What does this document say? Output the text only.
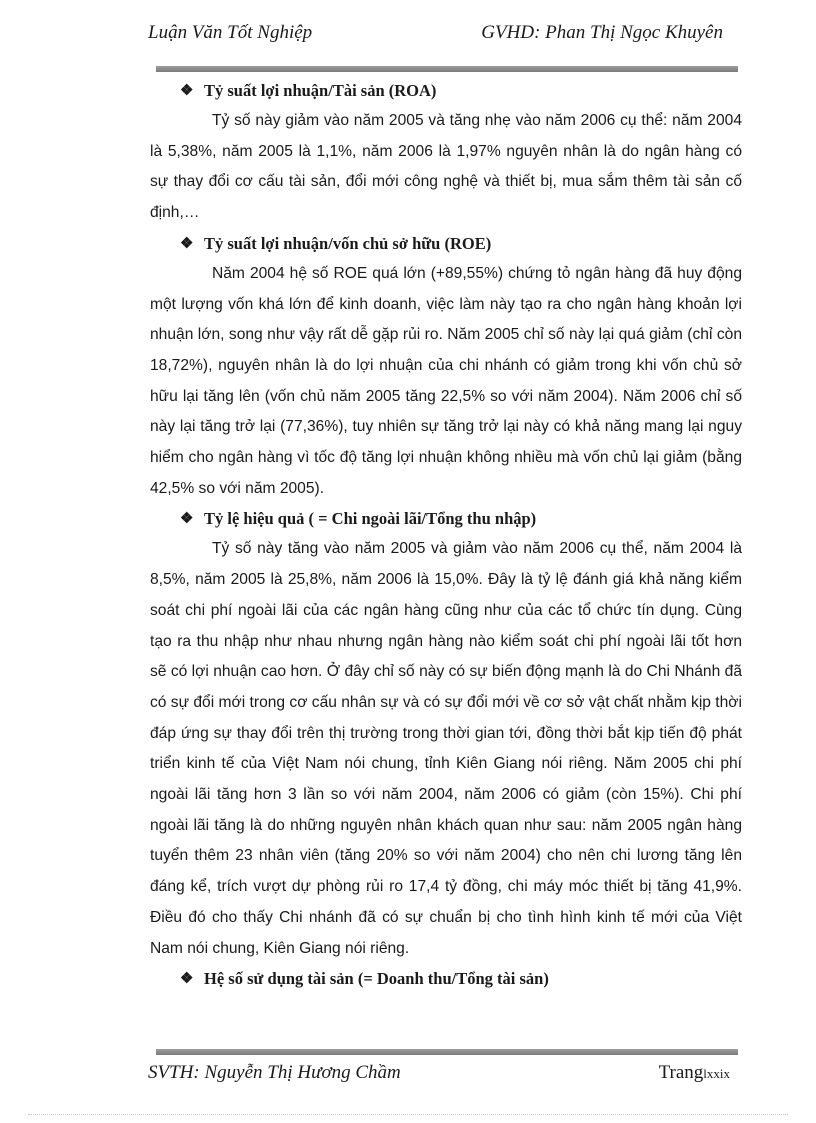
Luận Văn Tốt Nghiệp	GVHD: Phan Thị Ngọc Khuyên
❖ Tỷ suất lợi nhuận/Tài sản (ROA)

Tỷ số này giảm vào năm 2005 và tăng nhẹ vào năm 2006 cụ thể: năm 2004 là 5,38%, năm 2005 là 1,1%, năm 2006 là 1,97% nguyên nhân là do ngân hàng có sự thay đổi cơ cấu tài sản, đổi mới công nghệ và thiết bị, mua sắm thêm tài sản cố định,…

❖ Tỷ suất lợi nhuận/vốn chủ sở hữu (ROE)

Năm 2004 hệ số ROE quá lớn (+89,55%) chứng tỏ ngân hàng đã huy động một lượng vốn khá lớn để kinh doanh, việc làm này tạo ra cho ngân hàng khoản lợi nhuận lớn, song như vậy rất dễ gặp rủi ro. Năm 2005 chỉ số này lại quá giảm (chỉ còn 18,72%), nguyên nhân là do lợi nhuận của chi nhánh có giảm trong khi vốn chủ sở hữu lại tăng lên (vốn chủ năm 2005 tăng 22,5% so với năm 2004). Năm 2006 chỉ số này lại tăng trở lại (77,36%), tuy nhiên sự tăng trở lại này có khả năng mang lại nguy hiểm cho ngân hàng vì tốc độ tăng lợi nhuận không nhiều mà vốn chủ lại giảm (bằng 42,5% so với năm 2005).

❖ Tỷ lệ hiệu quả ( = Chi ngoài lãi/Tổng thu nhập)

Tỷ số này tăng vào năm 2005 và giảm vào năm 2006 cụ thể, năm 2004 là 8,5%, năm 2005 là 25,8%, năm 2006 là 15,0%. Đây là tỷ lệ đánh giá khả năng kiểm soát chi phí ngoài lãi của các ngân hàng cũng như của các tổ chức tín dụng. Cùng tạo ra thu nhập như nhau nhưng ngân hàng nào kiểm soát chi phí ngoài lãi tốt hơn sẽ có lợi nhuận cao hơn. Ở đây chỉ số này có sự biến động mạnh là do Chi Nhánh đã có sự đổi mới trong cơ cấu nhân sự và có sự đổi mới về cơ sở vật chất nhằm kịp thời đáp ứng sự thay đổi trên thị trường trong thời gian tới, đồng thời bắt kịp tiến độ phát triển kinh tế của Việt Nam nói chung, tỉnh Kiên Giang nói riêng. Năm 2005 chi phí ngoài lãi tăng hơn 3 lần so với năm 2004, năm 2006 có giảm (còn 15%). Chi phí ngoài lãi tăng là do những nguyên nhân khách quan như sau: năm 2005 ngân hàng tuyển thêm 23 nhân viên (tăng 20% so với năm 2004) cho nên chi lương tăng lên đáng kể, trích vượt dự phòng rủi ro 17,4 tỷ đồng, chi máy móc thiết bị tăng 41,9%. Điều đó cho thấy Chi nhánh đã có sự chuẩn bị cho tình hình kinh tế mới của Việt Nam nói chung, Kiên Giang nói riêng.

❖ Hệ số sử dụng tài sản (= Doanh thu/Tổng tài sản)
SVTH: Nguyễn Thị Hương Chầm	Tranglxxix
